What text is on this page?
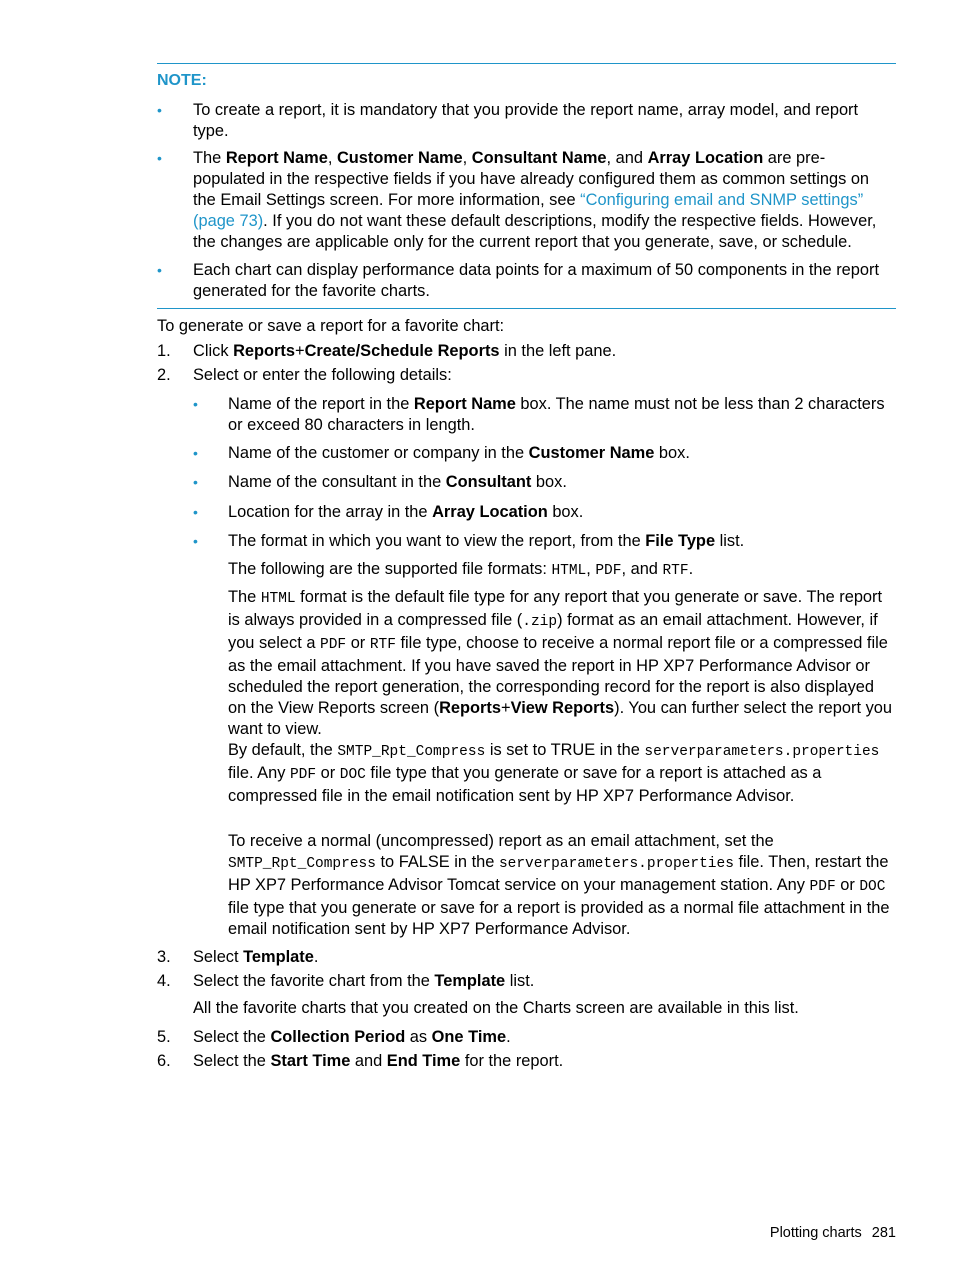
NOTE:
• To create a report, it is mandatory that you provide the report name, array model, and report type.
• The Report Name, Customer Name, Consultant Name, and Array Location are pre-populated in the respective fields if you have already configured them as common settings on the Email Settings screen. For more information, see “Configuring email and SNMP settings” (page 73). If you do not want these default descriptions, modify the respective fields. However, the changes are applicable only for the current report that you generate, save, or schedule.
• Each chart can display performance data points for a maximum of 50 components in the report generated for the favorite charts.
To generate or save a report for a favorite chart:
1. Click Reports+Create/Schedule Reports in the left pane.
2. Select or enter the following details:
• Name of the report in the Report Name box. The name must not be less than 2 characters or exceed 80 characters in length.
• Name of the customer or company in the Customer Name box.
• Name of the consultant in the Consultant box.
• Location for the array in the Array Location box.
• The format in which you want to view the report, from the File Type list.
The following are the supported file formats: HTML, PDF, and RTF.
The HTML format is the default file type for any report that you generate or save. The report is always provided in a compressed file (.zip) format as an email attachment. However, if you select a PDF or RTF file type, choose to receive a normal report file or a compressed file as the email attachment. If you have saved the report in HP XP7 Performance Advisor or scheduled the report generation, the corresponding record for the report is also displayed on the View Reports screen (Reports+View Reports). You can further select the report you want to view.
By default, the SMTP_Rpt_Compress is set to TRUE in the serverparameters.properties file. Any PDF or DOC file type that you generate or save for a report is attached as a compressed file in the email notification sent by HP XP7 Performance Advisor.
To receive a normal (uncompressed) report as an email attachment, set the SMTP_Rpt_Compress to FALSE in the serverparameters.properties file. Then, restart the HP XP7 Performance Advisor Tomcat service on your management station. Any PDF or DOC file type that you generate or save for a report is provided as a normal file attachment in the email notification sent by HP XP7 Performance Advisor.
3. Select Template.
4. Select the favorite chart from the Template list.
All the favorite charts that you created on the Charts screen are available in this list.
5. Select the Collection Period as One Time.
6. Select the Start Time and End Time for the report.
Plotting charts 281
